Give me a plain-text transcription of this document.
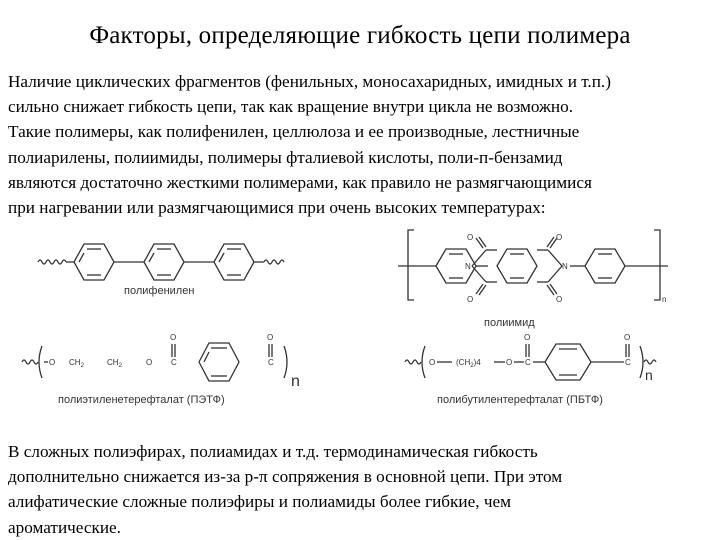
Факторы, определяющие гибкость цепи полимера
Наличие циклических фрагментов (фенильных, моносахаридных, имидных и т.п.)
сильно снижает гибкость цепи, так как вращение внутри цикла не возможно.
Такие полимеры, как полифенилен, целлюлоза и ее производные, лестничные
полиарилены, полиимиды, полимеры фталиевой кислоты, поли-п-бензамид
являются достаточно жесткими полимерами, как правило не размягчающимися
при нагревании или размягчающимися при очень высоких температурах:
полифенилен
N
O
O
O
O
N
n
полиимид
O $CH_2$	$CH_2$	O C
O
C
O
n
полиэтиленетерефталат (ПЭТФ)
O	$(CH_2)4$	O C
O
C
O
n
полибутилентерефталат (ПБТФ)
В сложных полиэфирах, полиамидах и т.д. термодинамическая гибкость
дополнительно снижается из-за p-π сопряжения в основной цепи. При этом
алифатические сложные полиэфиры и полиамиды более гибкие, чем
ароматические.
